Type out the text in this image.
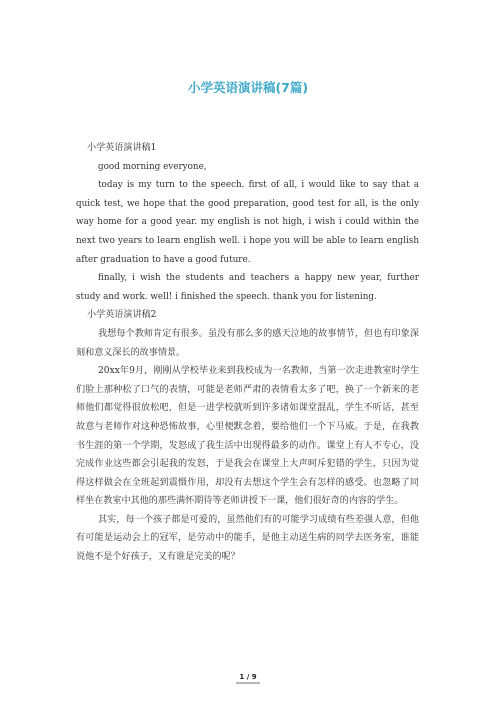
小学英语演讲稿(7篇)

小学英语演讲稿1

good morning everyone,

today is my turn to the speech. first of all, i would like to say that a quick test, we hope that the good preparation, good test for all, is the only way home for a good year. my english is not high, i wish i could within the next two years to learn english well. i hope you will be able to learn english after graduation to have a good future.

finally, i wish the students and teachers a happy new year, further study and work. well! i finished the speech. thank you for listening.

小学英语演讲稿2

我想每个教师肯定有很多。虽没有那么多的感天泣地的故事情节，但也有印象深刻和意义深长的故事情景。

20xx年9月，刚刚从学校毕业来到我校成为一名教师，当第一次走进教室时学生们脸上那种松了口气的表情，可能是老师严肃的表情看太多了吧，换了一个新来的老师他们都觉得很放松吧，但是一进学校就听到许多诸如课堂混乱，学生不听话，甚至故意与老师作对这种恐怖故事，心里便默念着，要给他们一个下马威。于是，在我教书生涯的第一个学期，发怒成了我生活中出现得最多的动作。课堂上有人不专心，没完成作业这些都会引起我的发怒，于是我会在课堂上大声呵斥犯错的学生，只因为觉得这样做会在全班起到震慑作用，却没有去想这个学生会有怎样的感受。也忽略了同样坐在教室中其他的那些满怀期待等老师讲授下一课，他们很好奇的内容的学生。

其实，每一个孩子都是可爱的，虽然他们有的可能学习成绩有些差强人意，但他有可能是运动会上的冠军，是劳动中的能手，是他主动送生病的同学去医务室，谁能说他不是个好孩子，又有谁是完美的呢？

1 / 9
